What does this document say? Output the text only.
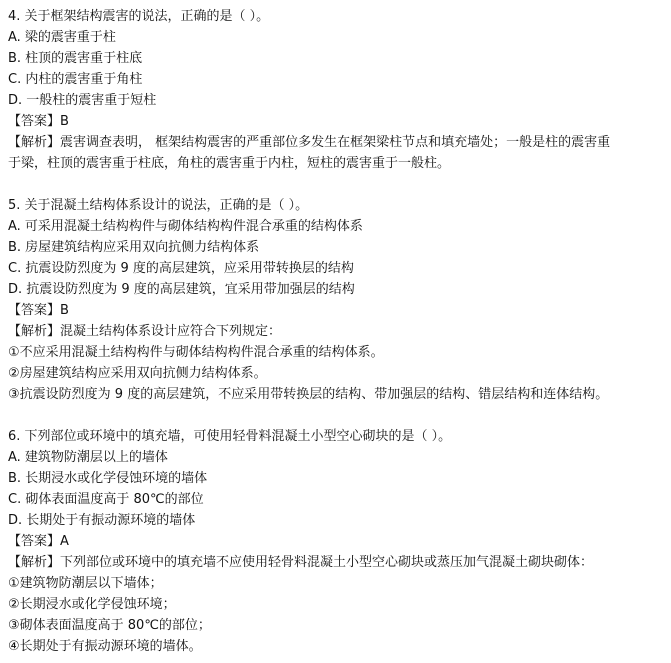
4. 关于框架结构震害的说法，正确的是（ ）。
A. 梁的震害重于柱
B. 柱顶的震害重于柱底
C. 内柱的震害重于角柱
D. 一般柱的震害重于短柱
【答案】B
【解析】震害调查表明， 框架结构震害的严重部位多发生在框架梁柱节点和填充墙处；一般是柱的震害重
于梁，柱顶的震害重于柱底，角柱的震害重于内柱，短柱的震害重于一般柱。
5. 关于混凝土结构体系设计的说法，正确的是（ ）。
A. 可采用混凝土结构构件与砌体结构构件混合承重的结构体系
B. 房屋建筑结构应采用双向抗侧力结构体系
C. 抗震设防烈度为 9 度的高层建筑，应采用带转换层的结构
D. 抗震设防烈度为 9 度的高层建筑，宜采用带加强层的结构
【答案】B
【解析】混凝土结构体系设计应符合下列规定：
①不应采用混凝土结构构件与砌体结构构件混合承重的结构体系。
②房屋建筑结构应采用双向抗侧力结构体系。
③抗震设防烈度为 9 度的高层建筑，不应采用带转换层的结构、带加强层的结构、错层结构和连体结构。
6. 下列部位或环境中的填充墙，可使用轻骨料混凝土小型空心砌块的是（ ）。
A. 建筑物防潮层以上的墙体
B. 长期浸水或化学侵蚀环境的墙体
C. 砌体表面温度高于 80℃的部位
D. 长期处于有振动源环境的墙体
【答案】A
【解析】下列部位或环境中的填充墙不应使用轻骨料混凝土小型空心砌块或蒸压加气混凝土砌块砌体：
①建筑物防潮层以下墙体；
②长期浸水或化学侵蚀环境；
③砌体表面温度高于 80℃的部位；
④长期处于有振动源环境的墙体。
